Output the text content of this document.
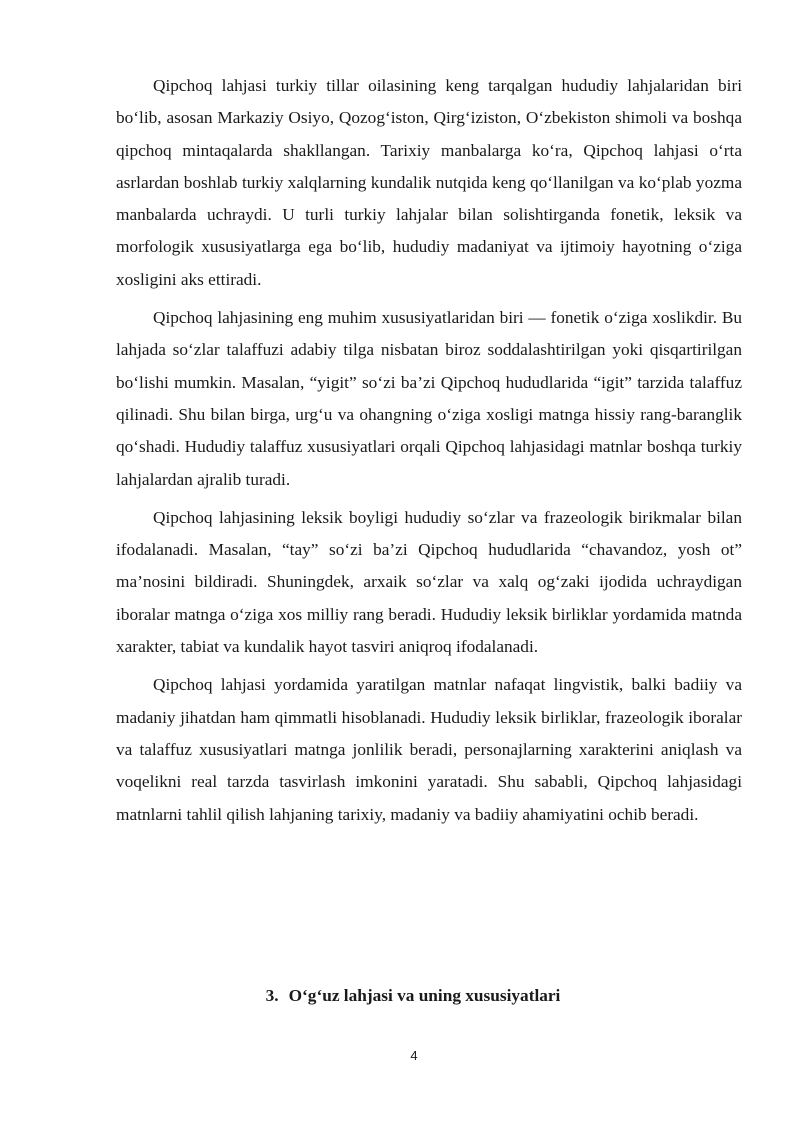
Qipchoq lahjasi turkiy tillar oilasining keng tarqalgan hududiy lahjalaridan biri bo‘lib, asosan Markaziy Osiyo, Qozog‘iston, Qirg‘iziston, O‘zbekiston shimoli va boshqa qipchoq mintaqalarda shakllangan. Tarixiy manbalarga ko‘ra, Qipchoq lahjasi o‘rta asrlardan boshlab turkiy xalqlarning kundalik nutqida keng qo‘llanilgan va ko‘plab yozma manbalarda uchraydi. U turli turkiy lahjalar bilan solishtirganda fonetik, leksik va morfologik xususiyatlarga ega bo‘lib, hududiy madaniyat va ijtimoiy hayotning o‘ziga xosligini aks ettiradi.

Qipchoq lahjasining eng muhim xususiyatlaridan biri — fonetik o‘ziga xoslikdir. Bu lahjada so‘zlar talaffuzi adabiy tilga nisbatan biroz soddalashtirilgan yoki qisqartirilgan bo‘lishi mumkin. Masalan, “yigit” so‘zi ba’zi Qipchoq hududlarida “igit” tarzida talaffuz qilinadi. Shu bilan birga, urg‘u va ohangning o‘ziga xosligi matnga hissiy rang-baranglik qo‘shadi. Hududiy talaffuz xususiyatlari orqali Qipchoq lahjasidagi matnlar boshqa turkiy lahjalardan ajralib turadi.

Qipchoq lahjasining leksik boyligi hududiy so‘zlar va frazeologik birikmalar bilan ifodalanadi. Masalan, “tay” so‘zi ba’zi Qipchoq hududlarida “chavandoz, yosh ot” ma’nosini bildiradi. Shuningdek, arxaik so‘zlar va xalq og‘zaki ijodida uchraydigan iboralar matnga o‘ziga xos milliy rang beradi. Hududiy leksik birliklar yordamida matnda xarakter, tabiat va kundalik hayot tasviri aniqroq ifodalanadi.

Qipchoq lahjasi yordamida yaratilgan matnlar nafaqat lingvistik, balki badiiy va madaniy jihatdan ham qimmatli hisoblanadi. Hududiy leksik birliklar, frazeologik iboralar va talaffuz xususiyatlari matnga jonlilik beradi, personajlarning xarakterini aniqlash va voqelikni real tarzda tasvirlash imkonini yaratadi. Shu sababli, Qipchoq lahjasidagi matnlarni tahlil qilish lahjaning tarixiy, madaniy va badiiy ahamiyatini ochib beradi.

3. O‘g‘uz lahjasi va uning xususiyatlari
4
